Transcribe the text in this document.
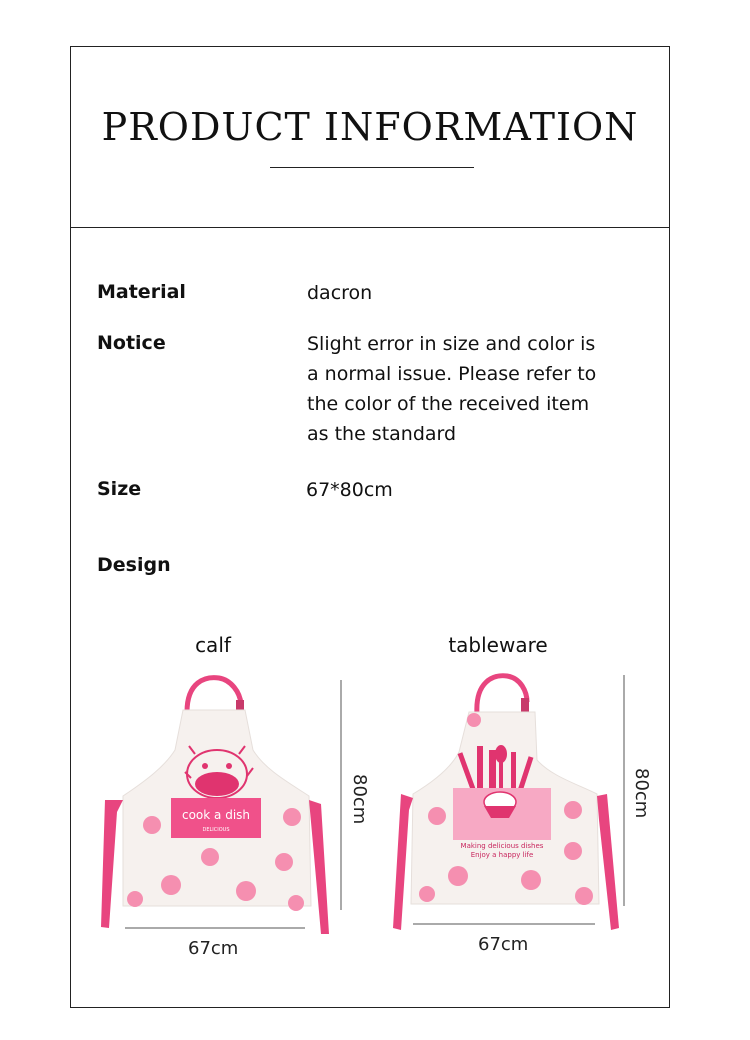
PRODUCT INFORMATION
Material	dacron
Notice	Slight error in size and color is
a normal issue. Please refer to
the color of the received item
as the standard
Size	67*80cm
Design
calf	tableware
cook a dish
DELICIOUS
80cm
67cm
Making delicious dishes
Enjoy a happy life
80cm
67cm
